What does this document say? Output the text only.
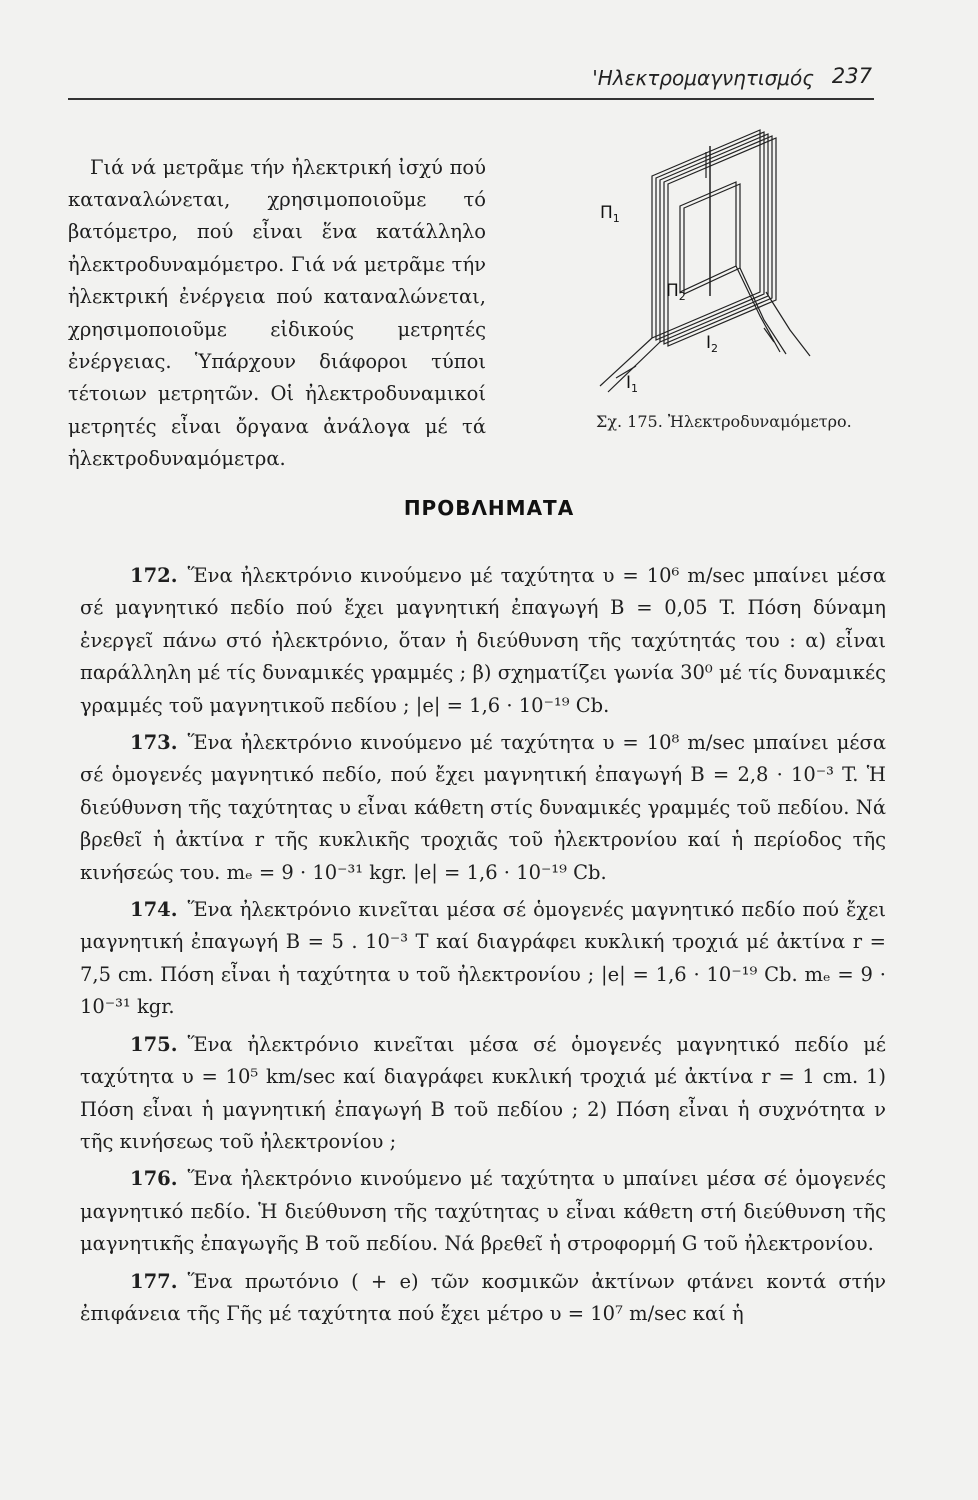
'Ηλεκτρομαγνητισμός 237

Γιά νά μετρᾶμε τήν ἠλεκτρική ἰσχύ πού καταναλώνεται, χρησιμοποιοῦμε τό βατόμετρο, πού εἶναι ἕνα κατάλληλο ἠλεκτροδυναμόμετρο. Γιά νά μετρᾶμε τήν ἠλεκτρική ἐνέργεια πού καταναλώνεται, χρησιμοποιοῦμε εἰδικούς μετρητές ἐνέργειας. Ὑπάρχουν διάφοροι τύποι τέτοιων μετρητῶν. Οἱ ἠλεκτροδυναμικοί μετρητές εἶναι ὄργανα ἀνάλογα μέ τά ἠλεκτροδυναμόμετρα.

$\Pi_1$
$\Pi_2$
$I_1$
$I_2$
Σχ. 175. Ἠλεκτροδυναμόμετρο.
ΠΡΟΒΛΗΜΑΤΑ

172. Ἕνα ἠλεκτρόνιο κινούμενο μέ ταχύτητα υ = 10⁶ m/sec μπαίνει μέσα σέ μαγνητικό πεδίο πού ἔχει μαγνητική ἐπαγωγή B = 0,05 T. Πόση δύναμη ἐνεργεῖ πάνω στό ἠλεκτρόνιο, ὅταν ἡ διεύθυνση τῆς ταχύτητάς του : α) εἶναι παράλληλη μέ τίς δυναμικές γραμμές ; β) σχηματίζει γωνία 30⁰ μέ τίς δυναμικές γραμμές τοῦ μαγνητικοῦ πεδίου ; |e| = 1,6 · 10⁻¹⁹ Cb.

173. Ἕνα ἠλεκτρόνιο κινούμενο μέ ταχύτητα υ = 10⁸ m/sec μπαίνει μέσα σέ ὁμογενές μαγνητικό πεδίο, πού ἔχει μαγνητική ἐπαγωγή B = 2,8 · 10⁻³ T. Ἡ διεύθυνση τῆς ταχύτητας υ εἶναι κάθετη στίς δυναμικές γραμμές τοῦ πεδίου. Νά βρεθεῖ ἡ ἀκτίνα r τῆς κυκλικῆς τροχιᾶς τοῦ ἠλεκτρονίου καί ἡ περίοδος τῆς κινήσεώς του. mₑ = 9 · 10⁻³¹ kgr. |e| = 1,6 · 10⁻¹⁹ Cb.

174. Ἕνα ἠλεκτρόνιο κινεῖται μέσα σέ ὁμογενές μαγνητικό πεδίο πού ἔχει μαγνητική ἐπαγωγή B = 5 . 10⁻³ T καί διαγράφει κυκλική τροχιά μέ ἀκτίνα r = 7,5 cm. Πόση εἶναι ἡ ταχύτητα υ τοῦ ἠλεκτρονίου ; |e| = 1,6 · 10⁻¹⁹ Cb. mₑ = 9 · 10⁻³¹ kgr.

175. Ἕνα ἠλεκτρόνιο κινεῖται μέσα σέ ὁμογενές μαγνητικό πεδίο μέ ταχύτητα υ = 10⁵ km/sec καί διαγράφει κυκλική τροχιά μέ ἀκτίνα r = 1 cm. 1) Πόση εἶναι ἡ μαγνητική ἐπαγωγή B τοῦ πεδίου ; 2) Πόση εἶναι ἡ συχνότητα ν τῆς κινήσεως τοῦ ἠλεκτρονίου ;

176. Ἕνα ἠλεκτρόνιο κινούμενο μέ ταχύτητα υ μπαίνει μέσα σέ ὁμογενές μαγνητικό πεδίο. Ἡ διεύθυνση τῆς ταχύτητας υ εἶναι κάθετη στή διεύθυνση τῆς μαγνητικῆς ἐπαγωγῆς B τοῦ πεδίου. Νά βρεθεῖ ἡ στροφορμή G τοῦ ἠλεκτρονίου.

177. Ἕνα πρωτόνιο ( + e) τῶν κοσμικῶν ἀκτίνων φτάνει κοντά στήν ἐπιφάνεια τῆς Γῆς μέ ταχύτητα πού ἔχει μέτρο υ = 10⁷ m/sec καί ἡ
